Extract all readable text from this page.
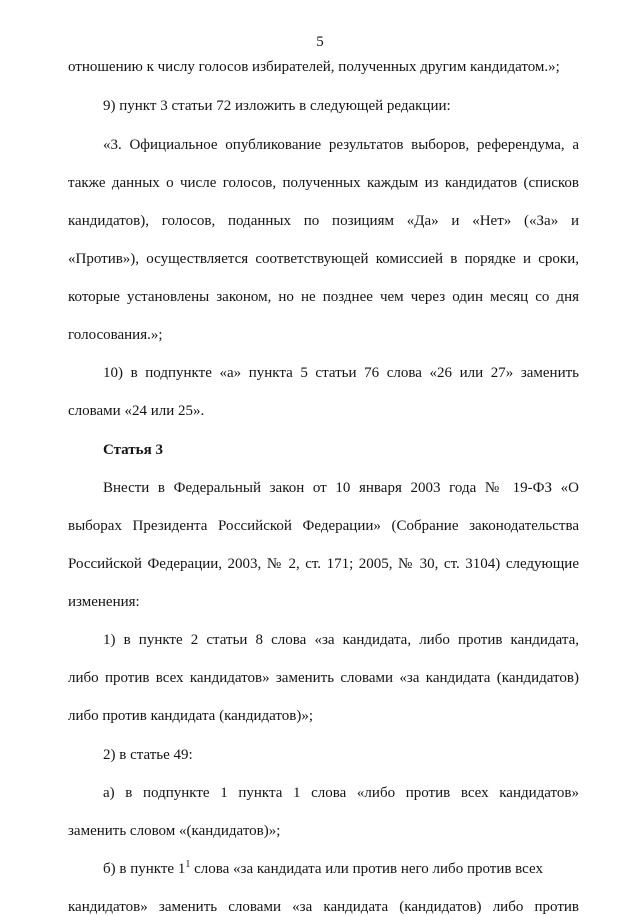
5
отношению к числу голосов избирателей, полученных другим кандидатом.»;
9) пункт 3 статьи 72 изложить в следующей редакции:
«3. Официальное опубликование результатов выборов, референдума, а
также данных о числе голосов, полученных каждым из кандидатов (списков
кандидатов), голосов, поданных по позициям «Да» и «Нет» («За» и
«Против»), осуществляется соответствующей комиссией в порядке и сроки,
которые установлены законом, но не позднее чем через один месяц со дня
голосования.»;
10) в подпункте «а» пункта 5 статьи 76 слова «26 или 27» заменить
словами «24 или 25».
Статья 3
Внести в Федеральный закон от 10 января 2003 года № 19-ФЗ «О
выборах Президента Российской Федерации» (Собрание законодательства
Российской Федерации, 2003, № 2, ст. 171; 2005, № 30, ст. 3104) следующие
изменения:
1) в пункте 2 статьи 8 слова «за кандидата, либо против кандидата,
либо против всех кандидатов» заменить словами «за кандидата (кандидатов)
либо против кандидата (кандидатов)»;
2) в статье 49:
а) в подпункте 1 пункта 1 слова «либо против всех кандидатов»
заменить словом «(кандидатов)»;
б) в пункте $1^1$ слова «за кандидата или против него либо против всех
кандидатов» заменить словами «за кандидата (кандидатов) либо против
